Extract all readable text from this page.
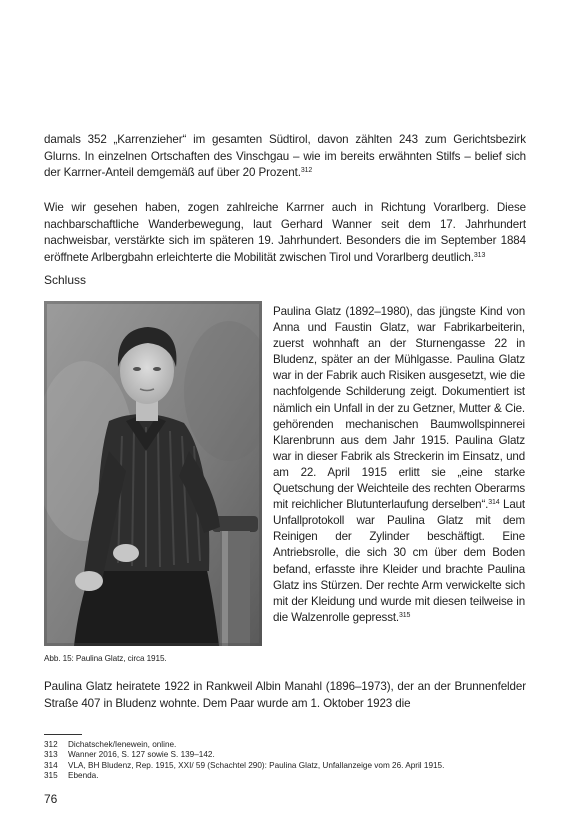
damals 352 „Karrenzieher“ im gesamten Südtirol, davon zählten 243 zum Gerichtsbezirk Glurns. In einzelnen Ortschaften des Vinschgau – wie im bereits erwähnten Stilfs – belief sich der Karrner-Anteil demgemäß auf über 20 Prozent.$^{312}$

Wie wir gesehen haben, zogen zahlreiche Karrner auch in Richtung Vorarlberg. Diese nachbarschaftliche Wanderbewegung, laut Gerhard Wanner seit dem 17. Jahrhundert nachweisbar, verstärkte sich im späteren 19. Jahrhundert. Besonders die im September 1884 eröffnete Arlbergbahn erleichterte die Mobilität zwischen Tirol und Vorarlberg deutlich.$^{313}$

Schluss
Abb. 15: Paulina Glatz, circa 1915.

Paulina Glatz (1892–1980), das jüngste Kind von Anna und Faustin Glatz, war Fabrikarbeiterin, zuerst wohnhaft an der Sturnengasse 22 in Bludenz, später an der Mühlgasse. Paulina Glatz war in der Fabrik auch Risiken ausgesetzt, wie die nachfolgende Schilderung zeigt. Dokumentiert ist nämlich ein Unfall in der zu Getzner, Mutter & Cie. gehörenden mechanischen Baumwollspinnerei Klarenbrunn aus dem Jahr 1915. Paulina Glatz war in dieser Fabrik als Streckerin im Einsatz, und am 22. April 1915 erlitt sie „eine starke Quetschung der Weichteile des rechten Oberarms mit reichlicher Blutunterlaufung derselben“.$^{314}$ Laut Unfallprotokoll war Paulina Glatz mit dem Reinigen der Zylinder beschäftigt. Eine Antriebsrolle, die sich 30 cm über dem Boden befand, erfasste ihre Kleider und brachte Paulina Glatz ins Stürzen. Der rechte Arm verwickelte sich mit der Kleidung und wurde mit diesen teilweise in die Walzenrolle gepresst.$^{315}$

Paulina Glatz heiratete 1922 in Rankweil Albin Manahl (1896–1973), der an der Brunnenfelder Straße 407 in Bludenz wohnte. Dem Paar wurde am 1. Oktober 1923 die

312	Dichatschek/Ienewein, online.
313	Wanner 2016, S. 127 sowie S. 139–142.
314	VLA, BH Bludenz, Rep. 1915, XXI/ 59 (Schachtel 290): Paulina Glatz, Unfallanzeige vom 26. April 1915.
315	Ebenda.
76
